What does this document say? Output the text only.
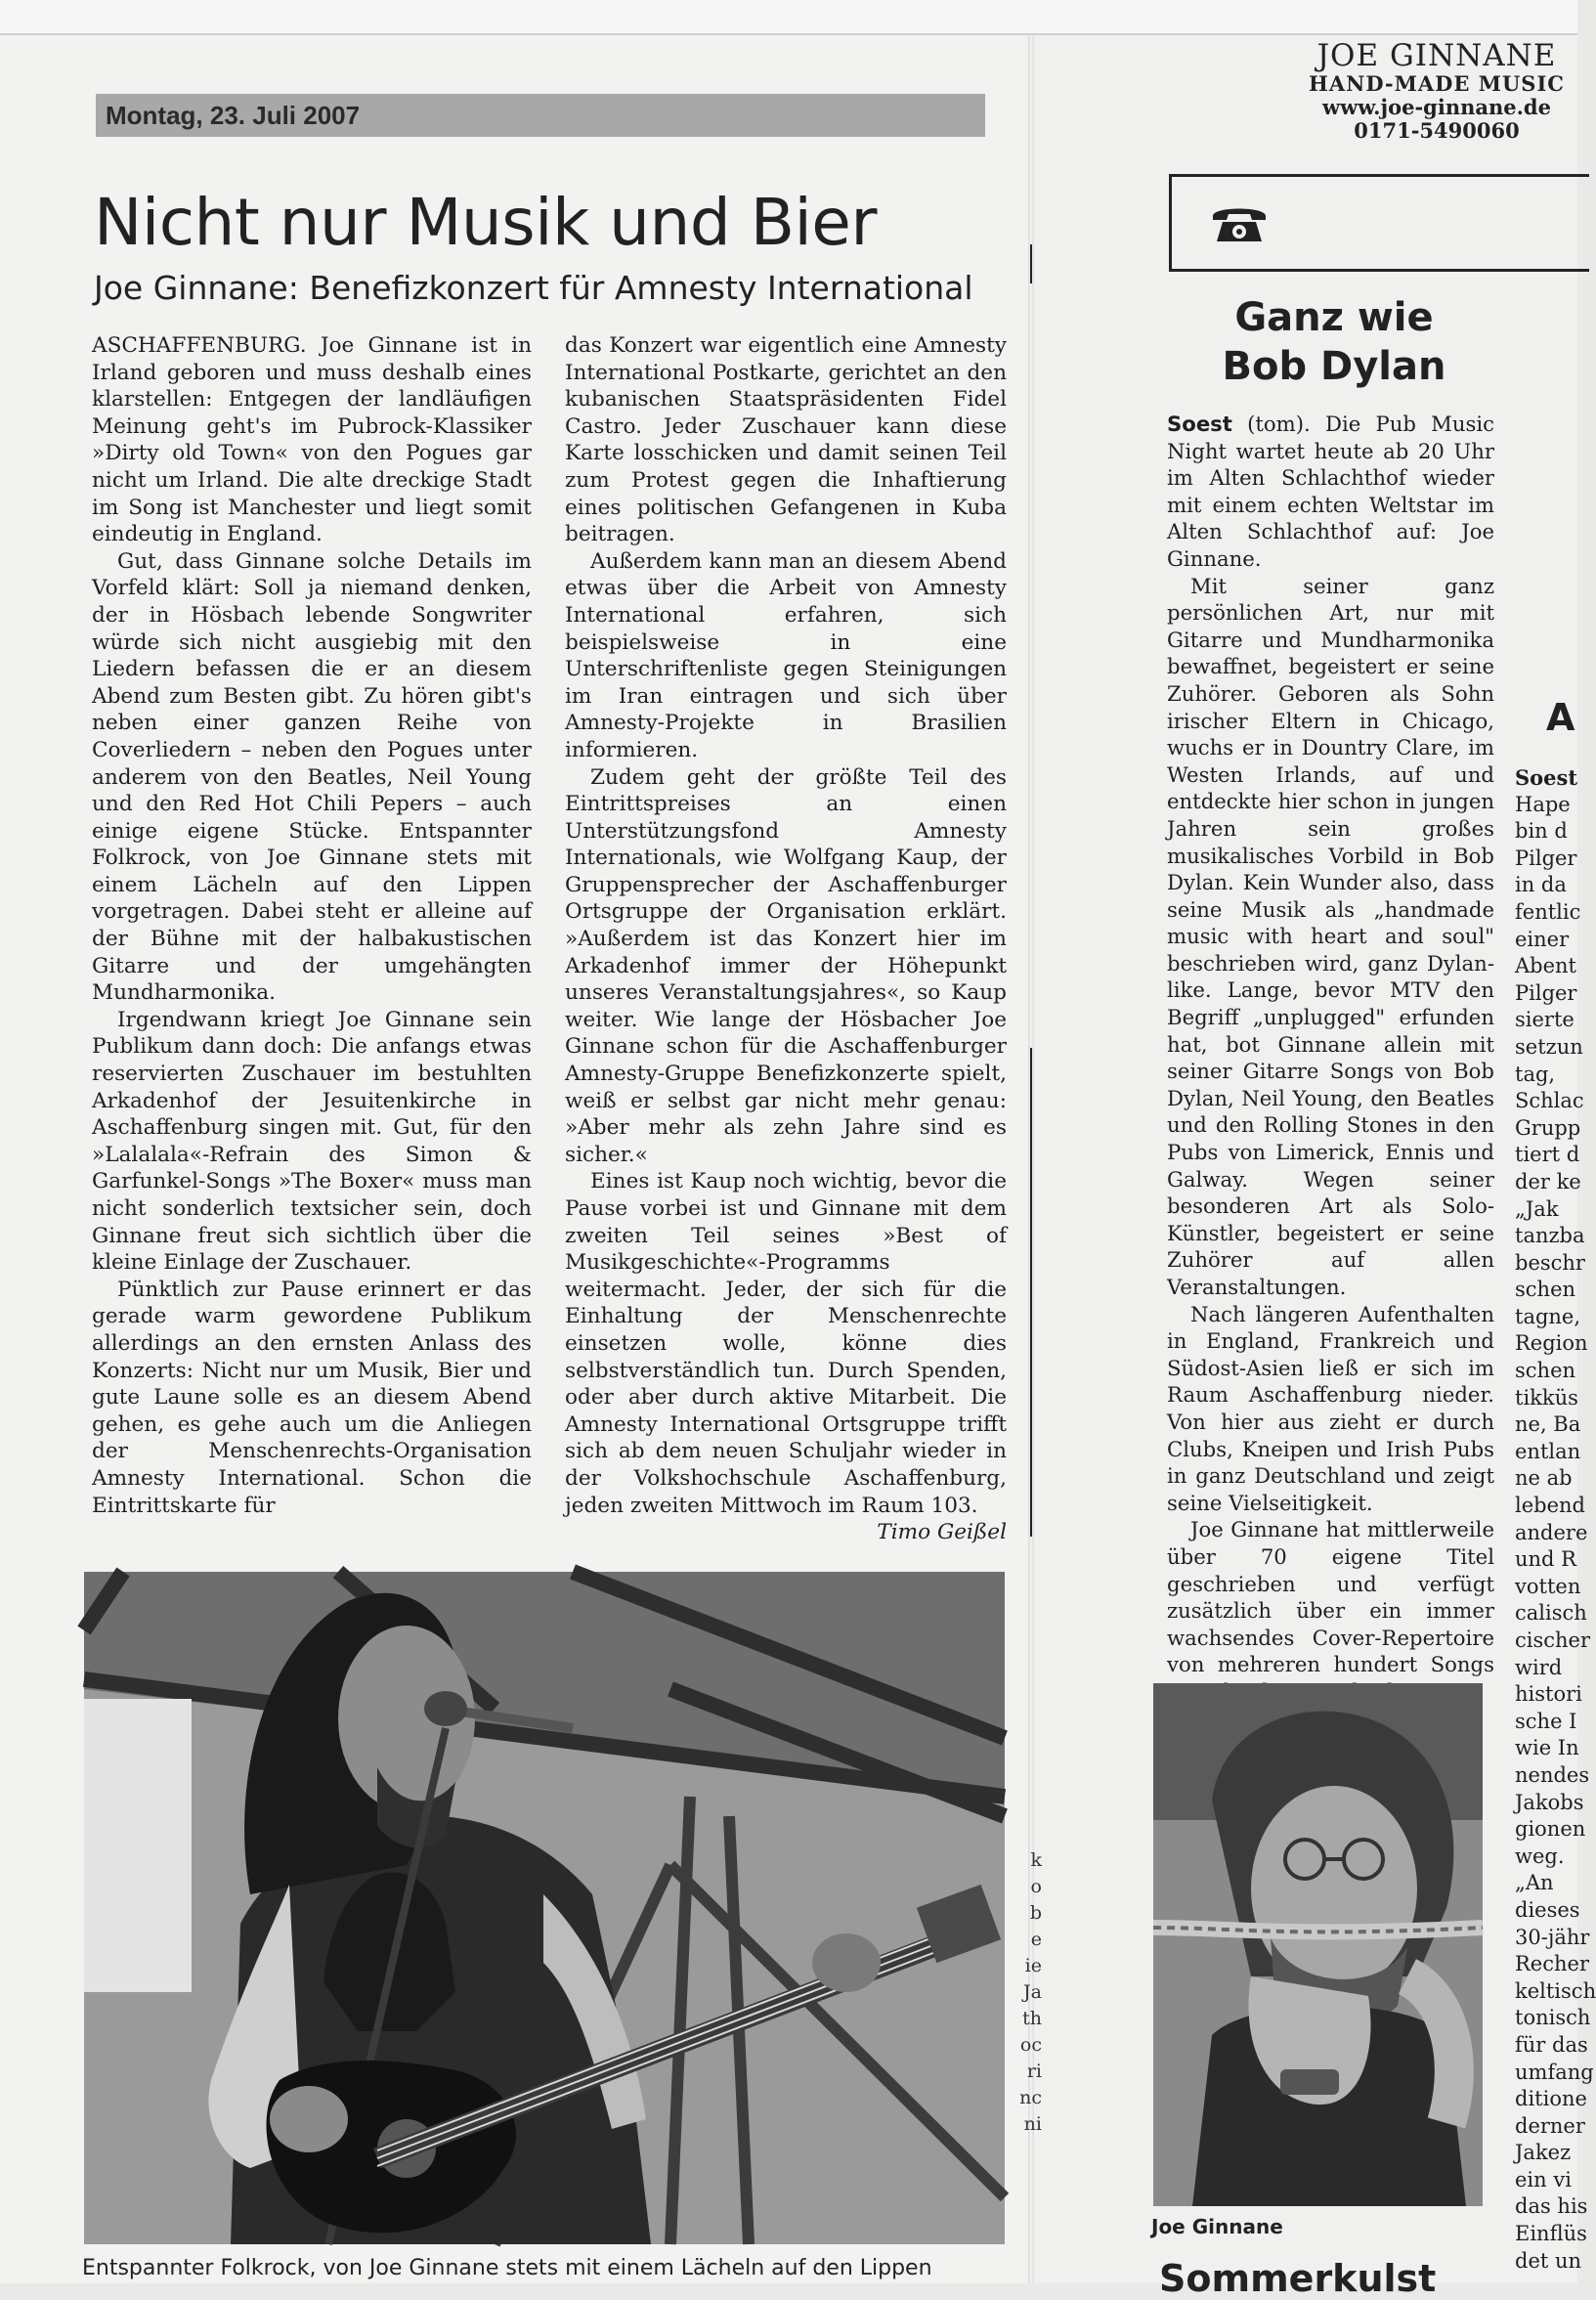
Montag, 23. Juli 2007
Nicht nur Musik und Bier
Joe Ginnane: Benefizkonzert für Amnesty International

ASCHAFFENBURG. Joe Ginnane ist in Irland geboren und muss deshalb eines klarstellen: Entgegen der landläufigen Meinung geht's im Pubrock-Klassiker »Dirty old Town« von den Pogues gar nicht um Irland. Die alte dreckige Stadt im Song ist Manchester und liegt somit eindeutig in England.

Gut, dass Ginnane solche Details im Vorfeld klärt: Soll ja niemand denken, der in Hösbach lebende Songwriter würde sich nicht ausgiebig mit den Liedern befassen die er an diesem Abend zum Besten gibt. Zu hören gibt's neben einer ganzen Reihe von Coverliedern – neben den Pogues unter anderem von den Beatles, Neil Young und den Red Hot Chili Pepers – auch einige eigene Stücke. Entspannter Folkrock, von Joe Ginnane stets mit einem Lächeln auf den Lippen vorgetragen. Dabei steht er alleine auf der Bühne mit der halbakustischen Gitarre und der umgehängten Mundharmonika.

Irgendwann kriegt Joe Ginnane sein Publikum dann doch: Die anfangs etwas reservierten Zuschauer im bestuhlten Arkadenhof der Jesuitenkirche in Aschaffenburg singen mit. Gut, für den »Lalalala«-Refrain des Simon & Garfunkel-Songs »The Boxer« muss man nicht sonderlich textsicher sein, doch Ginnane freut sich sichtlich über die kleine Einlage der Zuschauer.

Pünktlich zur Pause erinnert er das gerade warm gewordene Publikum allerdings an den ernsten Anlass des Konzerts: Nicht nur um Musik, Bier und gute Laune solle es an diesem Abend gehen, es gehe auch um die Anliegen der Menschenrechts-Organisation Amnesty International. Schon die Eintrittskarte für

das Konzert war eigentlich eine Amnesty International Postkarte, gerichtet an den kubanischen Staatspräsidenten Fidel Castro. Jeder Zuschauer kann diese Karte losschicken und damit seinen Teil zum Protest gegen die Inhaftierung eines politischen Gefangenen in Kuba beitragen.

Außerdem kann man an diesem Abend etwas über die Arbeit von Amnesty International erfahren, sich beispielsweise in eine Unterschriftenliste gegen Steinigungen im Iran eintragen und sich über Amnesty-Projekte in Brasilien informieren.

Zudem geht der größte Teil des Eintrittspreises an einen Unterstützungsfond Amnesty Internationals, wie Wolfgang Kaup, der Gruppensprecher der Aschaffenburger Ortsgruppe der Organisation erklärt. »Außerdem ist das Konzert hier im Arkadenhof immer der Höhepunkt unseres Veranstaltungsjahres«, so Kaup weiter. Wie lange der Hösbacher Joe Ginnane schon für die Aschaffenburger Amnesty-Gruppe Benefizkonzerte spielt, weiß er selbst gar nicht mehr genau: »Aber mehr als zehn Jahre sind es sicher.«

Eines ist Kaup noch wichtig, bevor die Pause vorbei ist und Ginnane mit dem zweiten Teil seines »Best of Musikgeschichte«-Programms weitermacht. Jeder, der sich für die Einhaltung der Menschenrechte einsetzen wolle, könne dies selbstverständlich tun. Durch Spenden, oder aber durch aktive Mitarbeit. Die Amnesty International Ortsgruppe trifft sich ab dem neuen Schuljahr wieder in der Volkshochschule Aschaffenburg, jeden zweiten Mittwoch im Raum 103.

Timo Geißel

Entspannter Folkrock, von Joe Ginnane stets mit einem Lächeln auf den Lippen
k
o
b
e
ie
Ja
th
oc
ri
nc
ni
JOE GINNANE
HAND-MADE MUSIC
www.joe-ginnane.de
0171-5490060
Ganz wie
Bob Dylan

Soest (tom). Die Pub Music Night wartet heute ab 20 Uhr im Alten Schlachthof wieder mit einem echten Weltstar im Alten Schlachthof auf: Joe Ginnane.

Mit seiner ganz persönlichen Art, nur mit Gitarre und Mundharmonika bewaffnet, begeistert er seine Zuhörer. Geboren als Sohn irischer Eltern in Chicago, wuchs er in Dountry Clare, im Westen Irlands, auf und entdeckte hier schon in jungen Jahren sein großes musikalisches Vorbild in Bob Dylan. Kein Wunder also, dass seine Musik als „handmade music with heart and soul" beschrieben wird, ganz Dylan-like. Lange, bevor MTV den Begriff „unplugged" erfunden hat, bot Ginnane allein mit seiner Gitarre Songs von Bob Dylan, Neil Young, den Beatles und den Rolling Stones in den Pubs von Limerick, Ennis und Galway. Wegen seiner besonderen Art als Solo-Künstler, begeistert er seine Zuhörer auf allen Veranstaltungen.

Nach längeren Aufenthalten in England, Frankreich und Südost-Asien ließ er sich im Raum Aschaffenburg nieder. Von hier aus zieht er durch Clubs, Kneipen und Irish Pubs in ganz Deutschland und zeigt seine Vielseitigkeit.

Joe Ginnane hat mittlerweile über 70 eigene Titel geschrieben und verfügt zusätzlich über ein immer wachsendes Cover-Repertoire von mehreren hundert Songs

A
Soest
Hape
bin d
Pilger
in da
fentlic
einer
Abent
Pilger
sierte
setzun
tag,
Schlac
Grupp
tiert d
der ke
„Jak
tanzba
beschr
schen
tagne,
Region
schen
tikküs
ne, Ba
entlan
ne ab
lebend
andere
und R
votten
calisch
cischer
wird
histori
sche I
wie In
nendes
Jakobs
gionen
weg.
„An
dieses
30-jähr
Recher
keltisch
tonisch
für das
umfang
ditione
derner
Jakez
ein vi
das his
Einflüs
det un
Joe Ginnane
Sommerkulst
